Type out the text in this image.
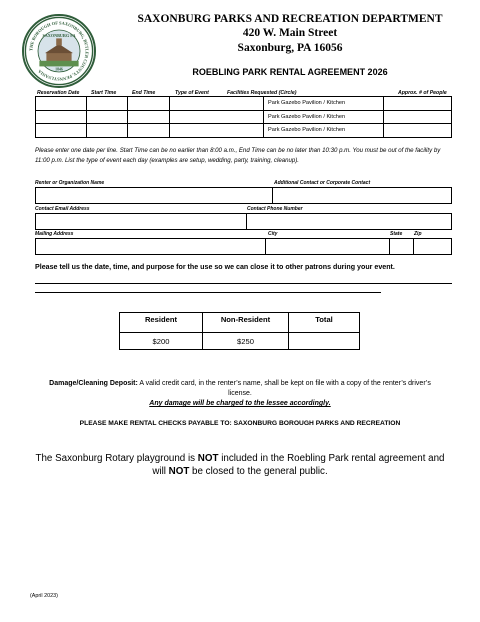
THE BOROUGH OF SAXONBURG, BUTLER COUNTY, PENNSYLVANIA
SAXONBURG PA
1846
SAXONBURG PARKS AND RECREATION DEPARTMENT
420 W. Main Street
Saxonburg, PA 16056
ROEBLING PARK RENTAL AGREEMENT 2026
Reservation Date Start Time	End Time	Type of Event	Facilities Requested (Circle)	Approx. # of People
				Park Gazebo Pavilion / Kitchen	
				Park Gazebo Pavilion / Kitchen	
				Park Gazebo Pavilion / Kitchen	
Please enter one date per line. Start Time can be no earlier than 8:00 a.m., End Time can be no later than 10:30 p.m. You must be out of the facility by 11:00 p.m. List the type of event each day (examples are setup, wedding, party, training, cleanup).
Renter or Organization Name	Additional Contact or Corporate Contact
Contact Email Address	Contact Phone Number
Mailing Address	City	State Zip
Please tell us the date, time, and purpose for the use so we can close it to other patrons during your event.
Resident	Non-Resident	Total
$200	$250	
Damage/Cleaning Deposit: A valid credit card, in the renter’s name, shall be kept on file with a copy of the renter’s driver’s license.
Any damage will be charged to the lessee accordingly.
PLEASE MAKE RENTAL CHECKS PAYABLE TO: SAXONBURG BOROUGH PARKS AND RECREATION
The Saxonburg Rotary playground is NOT included in the Roebling Park rental agreement and will NOT be closed to the general public.
(April 2023)
